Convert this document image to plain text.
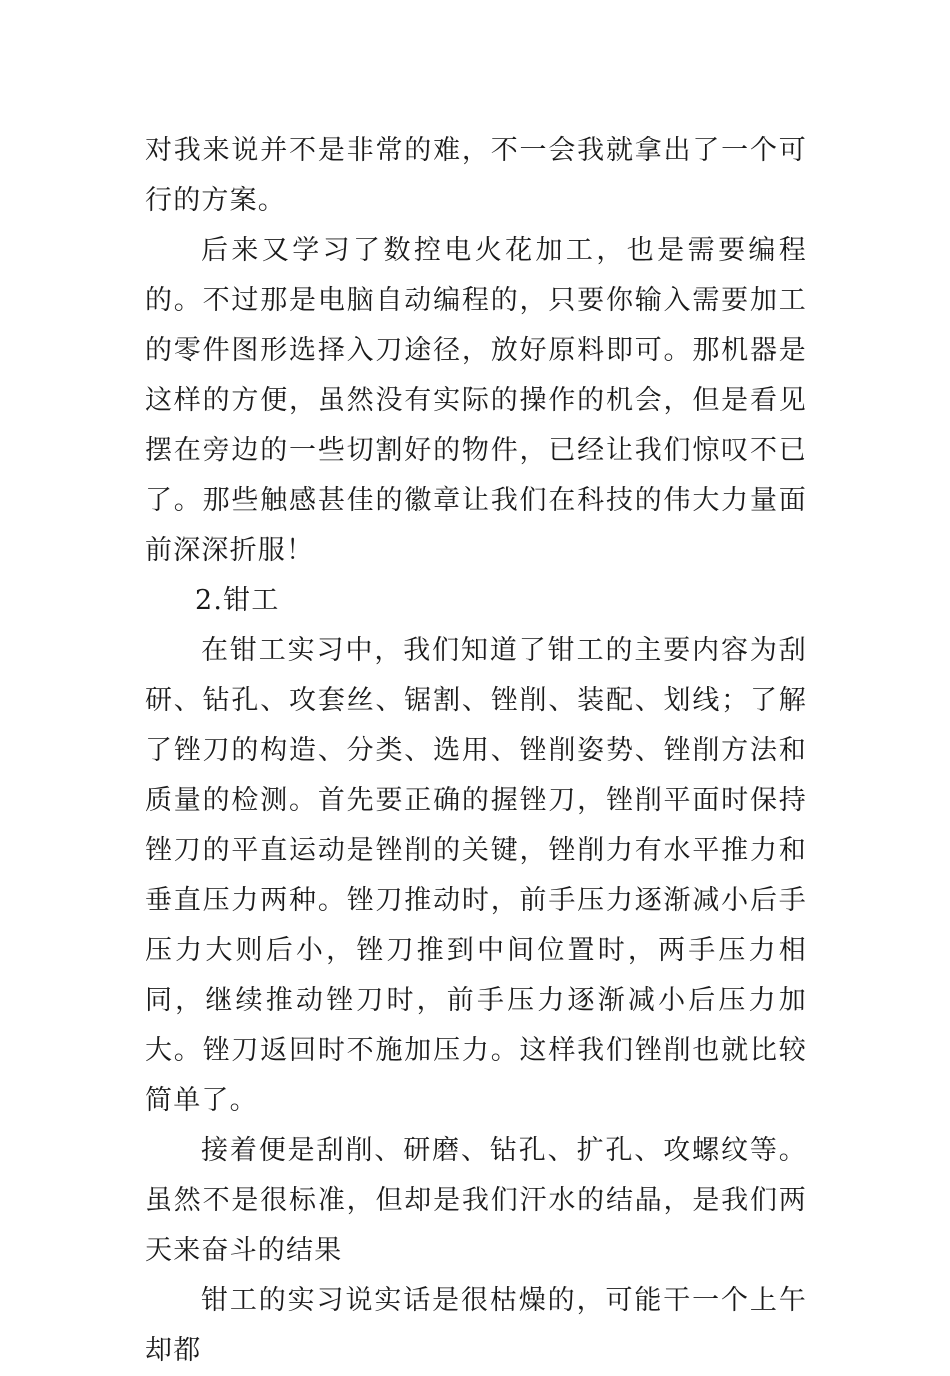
对我来说并不是非常的难，不一会我就拿出了一个可行的方案。

后来又学习了数控电火花加工，也是需要编程的。不过那是电脑自动编程的，只要你输入需要加工的零件图形选择入刀途径，放好原料即可。那机器是这样的方便，虽然没有实际的操作的机会，但是看见摆在旁边的一些切割好的物件，已经让我们惊叹不已了。那些触感甚佳的徽章让我们在科技的伟大力量面前深深折服！

2.钳工

在钳工实习中，我们知道了钳工的主要内容为刮研、钻孔、攻套丝、锯割、锉削、装配、划线；了解了锉刀的构造、分类、选用、锉削姿势、锉削方法和质量的检测。首先要正确的握锉刀，锉削平面时保持锉刀的平直运动是锉削的关键，锉削力有水平推力和垂直压力两种。锉刀推动时，前手压力逐渐减小后手压力大则后小，锉刀推到中间位置时，两手压力相同，继续推动锉刀时，前手压力逐渐减小后压力加大。锉刀返回时不施加压力。这样我们锉削也就比较简单了。

接着便是刮削、研磨、钻孔、扩孔、攻螺纹等。虽然不是很标准，但却是我们汗水的结晶，是我们两天来奋斗的结果

钳工的实习说实话是很枯燥的，可能干一个上午却都
